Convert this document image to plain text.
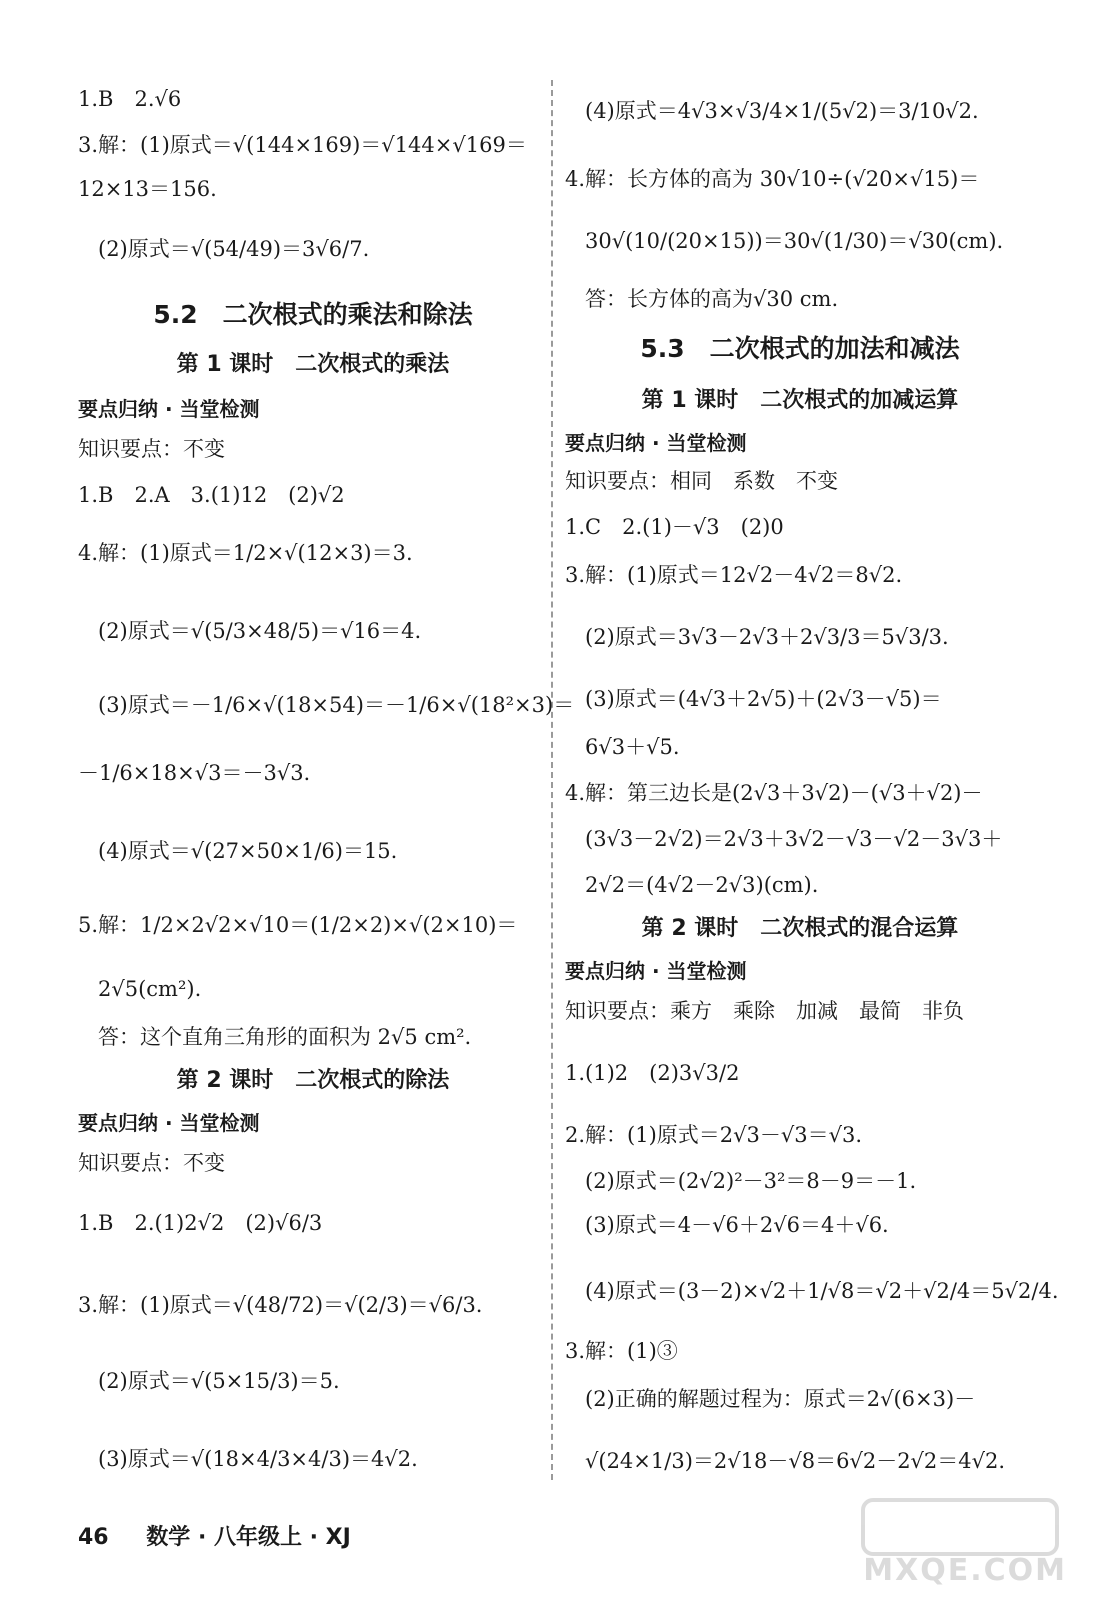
1.B　2.√6
3.解：(1)原式＝√(144×169)＝√144×√169＝
12×13＝156.
(2)原式＝√(54/49)＝3√6/7.
5.2　二次根式的乘法和除法
第 1 课时　二次根式的乘法
要点归纳 · 当堂检测
知识要点：不变
1.B　2.A　3.(1)12　(2)√2
4.解：(1)原式＝1/2×√(12×3)＝3.
(2)原式＝√(5/3×48/5)＝√16＝4.
(3)原式＝－1/6×√(18×54)＝－1/6×√(18²×3)＝
－1/6×18×√3＝－3√3.
(4)原式＝√(27×50×1/6)＝15.
5.解：1/2×2√2×√10＝(1/2×2)×√(2×10)＝
2√5(cm²).
答：这个直角三角形的面积为 2√5 cm².
第 2 课时　二次根式的除法
要点归纳 · 当堂检测
知识要点：不变
1.B　2.(1)2√2　(2)√6/3
3.解：(1)原式＝√(48/72)＝√(2/3)＝√6/3.
(2)原式＝√(5×15/3)＝5.
(3)原式＝√(18×4/3×4/3)＝4√2.
(4)原式＝4√3×√3/4×1/(5√2)＝3/10√2.
4.解：长方体的高为 30√10÷(√20×√15)＝
30√(10/(20×15))＝30√(1/30)＝√30(cm).
答：长方体的高为√30 cm.
5.3　二次根式的加法和减法
第 1 课时　二次根式的加减运算
要点归纳 · 当堂检测
知识要点：相同　系数　不变
1.C　2.(1)－√3　(2)0
3.解：(1)原式＝12√2－4√2＝8√2.
(2)原式＝3√3－2√3＋2√3/3＝5√3/3.
(3)原式＝(4√3＋2√5)＋(2√3－√5)＝
6√3＋√5.
4.解：第三边长是(2√3＋3√2)－(√3＋√2)－
(3√3－2√2)＝2√3＋3√2－√3－√2－3√3＋
2√2＝(4√2－2√3)(cm).
第 2 课时　二次根式的混合运算
要点归纳 · 当堂检测
知识要点：乘方　乘除　加减　最简　非负
1.(1)2　(2)3√3/2
2.解：(1)原式＝2√3－√3＝√3.
(2)原式＝(2√2)²－3²＝8－9＝－1.
(3)原式＝4－√6＋2√6＝4＋√6.
(4)原式＝(3－2)×√2＋1/√8＝√2＋√2/4＝5√2/4.
3.解：(1)③
(2)正确的解题过程为：原式＝2√(6×3)－
√(24×1/3)＝2√18－√8＝6√2－2√2＝4√2.
46 数学 · 八年级上 · XJ
MXQE.COM
